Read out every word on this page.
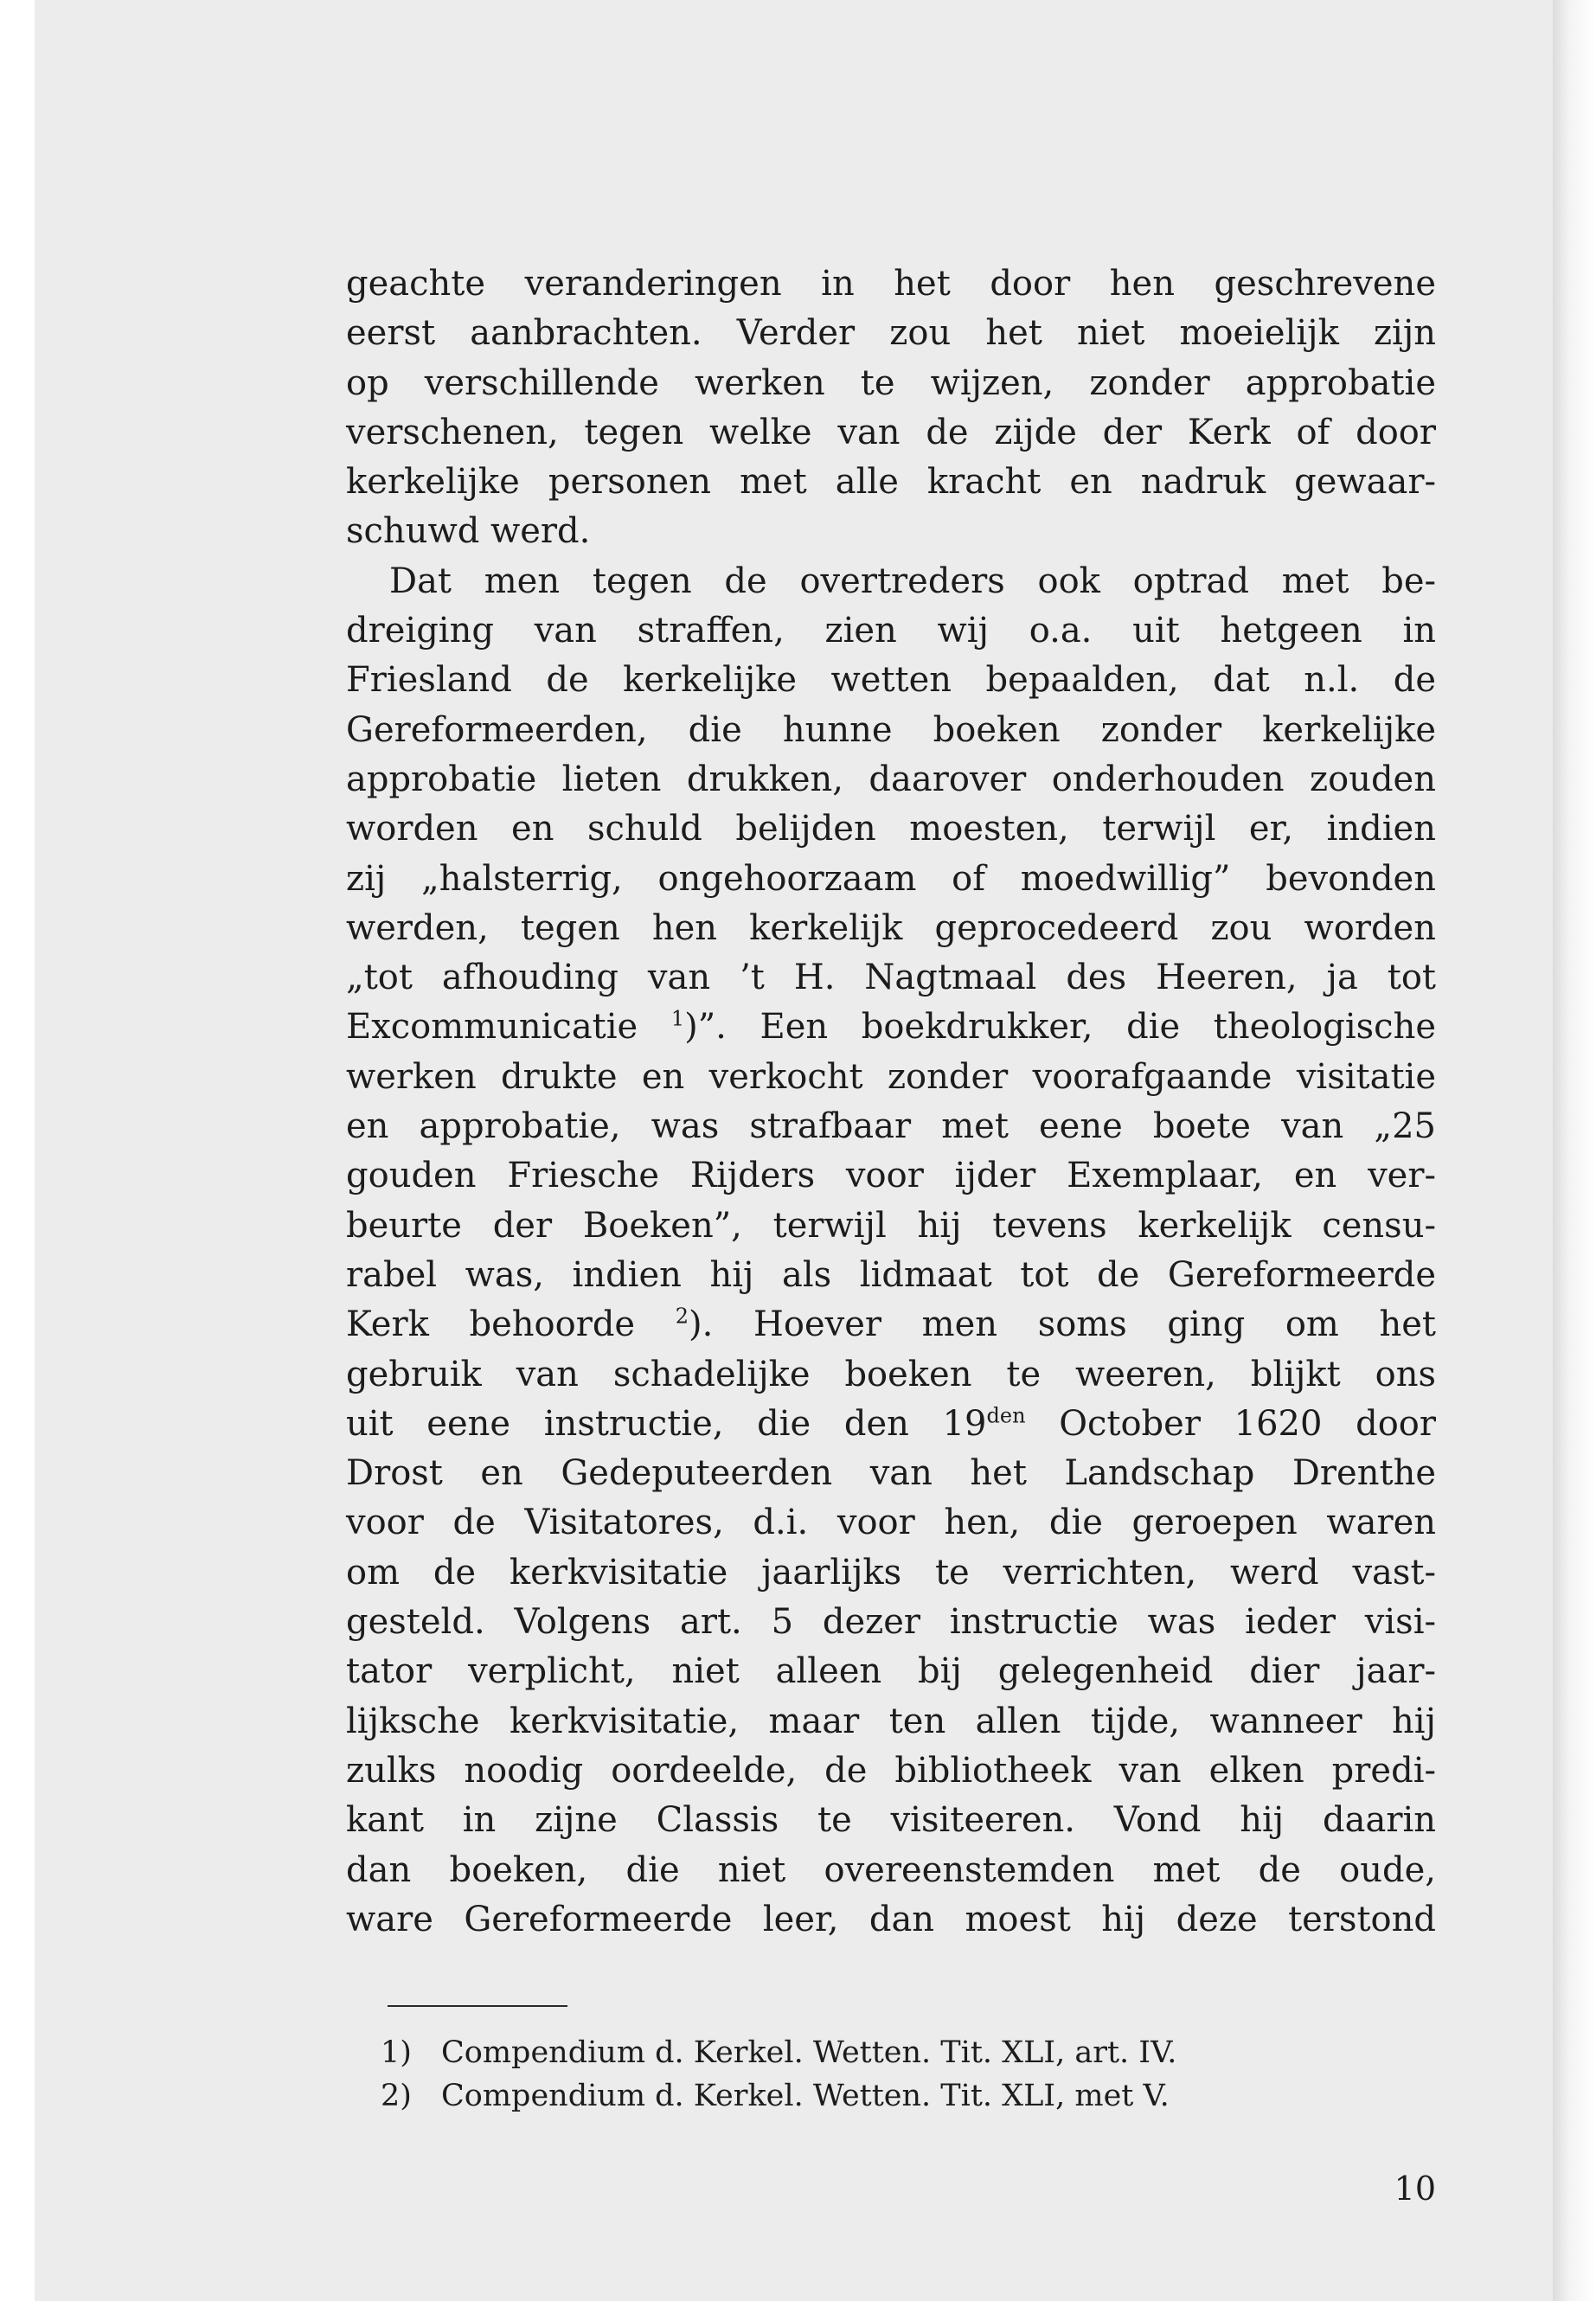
geachte veranderingen in het door hen geschrevene
eerst aanbrachten. Verder zou het niet moeielijk zijn
op verschillende werken te wijzen, zonder approbatie
verschenen, tegen welke van de zijde der Kerk of door
kerkelijke personen met alle kracht en nadruk gewaar-
schuwd werd.
Dat men tegen de overtreders ook optrad met be-
dreiging van straffen, zien wij o.a. uit hetgeen in
Friesland de kerkelijke wetten bepaalden, dat n.l. de
Gereformeerden, die hunne boeken zonder kerkelijke
approbatie lieten drukken, daarover onderhouden zouden
worden en schuld belijden moesten, terwijl er, indien
zij „halsterrig, ongehoorzaam of moedwillig” bevonden
werden, tegen hen kerkelijk geprocedeerd zou worden
„tot afhouding van ’t H. Nagtmaal des Heeren, ja tot
Excommunicatie $^1$)”. Een boekdrukker, die theologische
werken drukte en verkocht zonder voorafgaande visitatie
en approbatie, was strafbaar met eene boete van „25
gouden Friesche Rijders voor ijder Exemplaar, en ver-
beurte der Boeken”, terwijl hij tevens kerkelijk censu-
rabel was, indien hij als lidmaat tot de Gereformeerde
Kerk behoorde $^2$). Hoever men soms ging om het
gebruik van schadelijke boeken te weeren, blijkt ons
uit eene instructie, die den $19^{den}$ October 1620 door
Drost en Gedeputeerden van het Landschap Drenthe
voor de Visitatores, d.i. voor hen, die geroepen waren
om de kerkvisitatie jaarlijks te verrichten, werd vast-
gesteld. Volgens art. 5 dezer instructie was ieder visi-
tator verplicht, niet alleen bij gelegenheid dier jaar-
lijksche kerkvisitatie, maar ten allen tijde, wanneer hij
zulks noodig oordeelde, de bibliotheek van elken predi-
kant in zijne Classis te visiteeren. Vond hij daarin
dan boeken, die niet overeenstemden met de oude,
ware Gereformeerde leer, dan moest hij deze terstond
1) Compendium d. Kerkel. Wetten. Tit. XLI, art. IV.
2) Compendium d. Kerkel. Wetten. Tit. XLI, met V.
10
